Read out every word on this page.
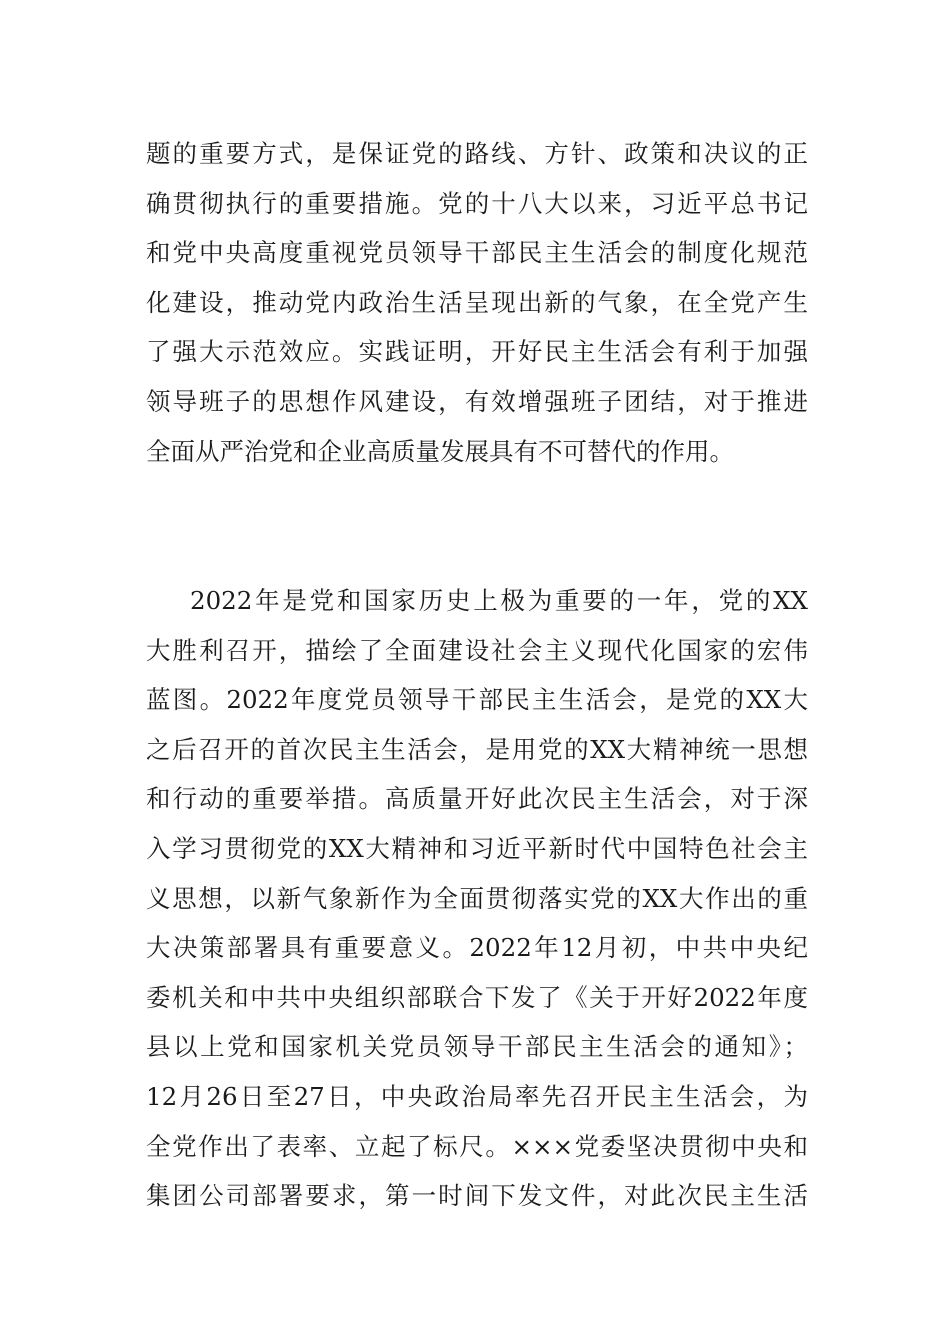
题的重要方式，是保证党的路线、方针、政策和决议的正
确贯彻执行的重要措施。党的十八大以来，习近平总书记
和党中央高度重视党员领导干部民主生活会的制度化规范
化建设，推动党内政治生活呈现出新的气象，在全党产生
了强大示范效应。实践证明，开好民主生活会有利于加强
领导班子的思想作风建设，有效增强班子团结，对于推进
全面从严治党和企业高质量发展具有不可替代的作用。
2022年是党和国家历史上极为重要的一年，党的XX
大胜利召开，描绘了全面建设社会主义现代化国家的宏伟
蓝图。2022年度党员领导干部民主生活会，是党的XX大
之后召开的首次民主生活会，是用党的XX大精神统一思想
和行动的重要举措。高质量开好此次民主生活会，对于深
入学习贯彻党的XX大精神和习近平新时代中国特色社会主
义思想，以新气象新作为全面贯彻落实党的XX大作出的重
大决策部署具有重要意义。2022年12月初，中共中央纪
委机关和中共中央组织部联合下发了《关于开好2022年度
县以上党和国家机关党员领导干部民主生活会的通知》；
12月26日至27日，中央政治局率先召开民主生活会，为
全党作出了表率、立起了标尺。×××党委坚决贯彻中央和
集团公司部署要求，第一时间下发文件，对此次民主生活
